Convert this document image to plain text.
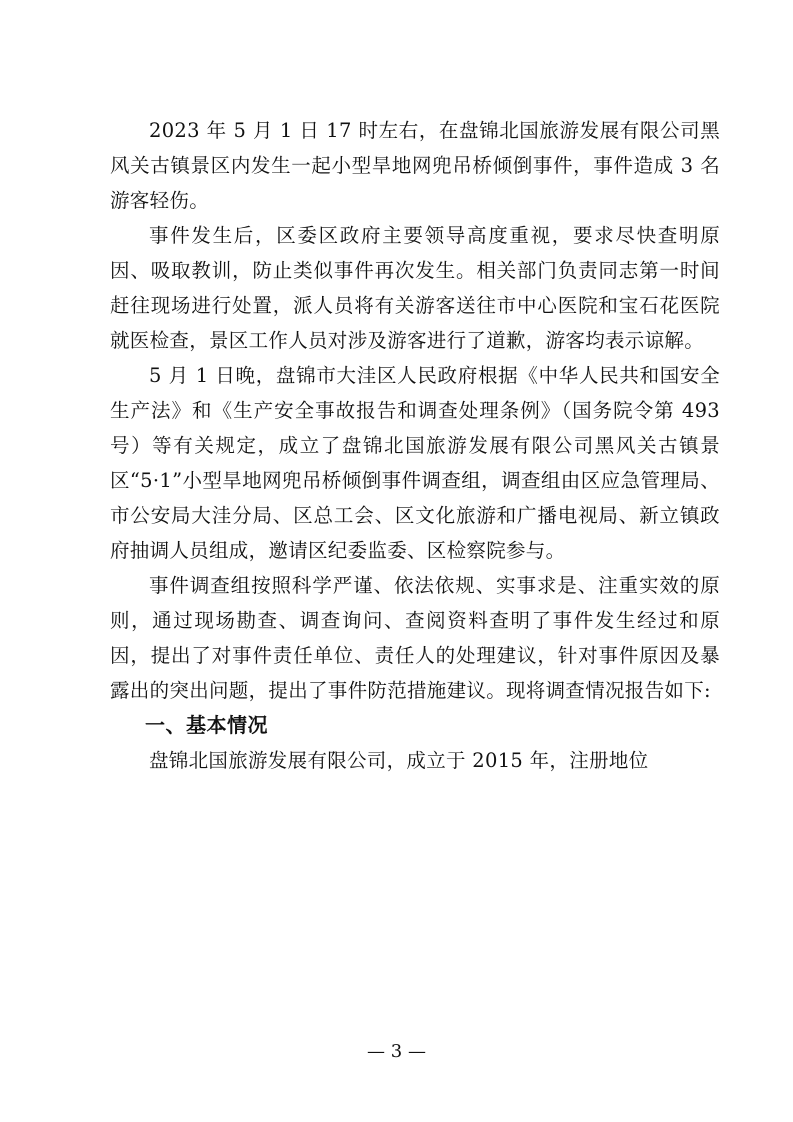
2023 年 5 月 1 日 17 时左右，在盘锦北国旅游发展有限公司黑风关古镇景区内发生一起小型旱地网兜吊桥倾倒事件，事件造成 3 名游客轻伤。

事件发生后，区委区政府主要领导高度重视，要求尽快查明原因、吸取教训，防止类似事件再次发生。相关部门负责同志第一时间赶往现场进行处置，派人员将有关游客送往市中心医院和宝石花医院就医检查，景区工作人员对涉及游客进行了道歉，游客均表示谅解。

5 月 1 日晚，盘锦市大洼区人民政府根据《中华人民共和国安全生产法》和《生产安全事故报告和调查处理条例》（国务院令第 493 号）等有关规定，成立了盘锦北国旅游发展有限公司黑风关古镇景区“5·1”小型旱地网兜吊桥倾倒事件调查组，调查组由区应急管理局、市公安局大洼分局、区总工会、区文化旅游和广播电视局、新立镇政府抽调人员组成，邀请区纪委监委、区检察院参与。

事件调查组按照科学严谨、依法依规、实事求是、注重实效的原则，通过现场勘查、调查询问、查阅资料查明了事件发生经过和原因，提出了对事件责任单位、责任人的处理建议，针对事件原因及暴露出的突出问题，提出了事件防范措施建议。现将调查情况报告如下:

一、基本情况

盘锦北国旅游发展有限公司，成立于 2015 年，注册地位

— 3 —
